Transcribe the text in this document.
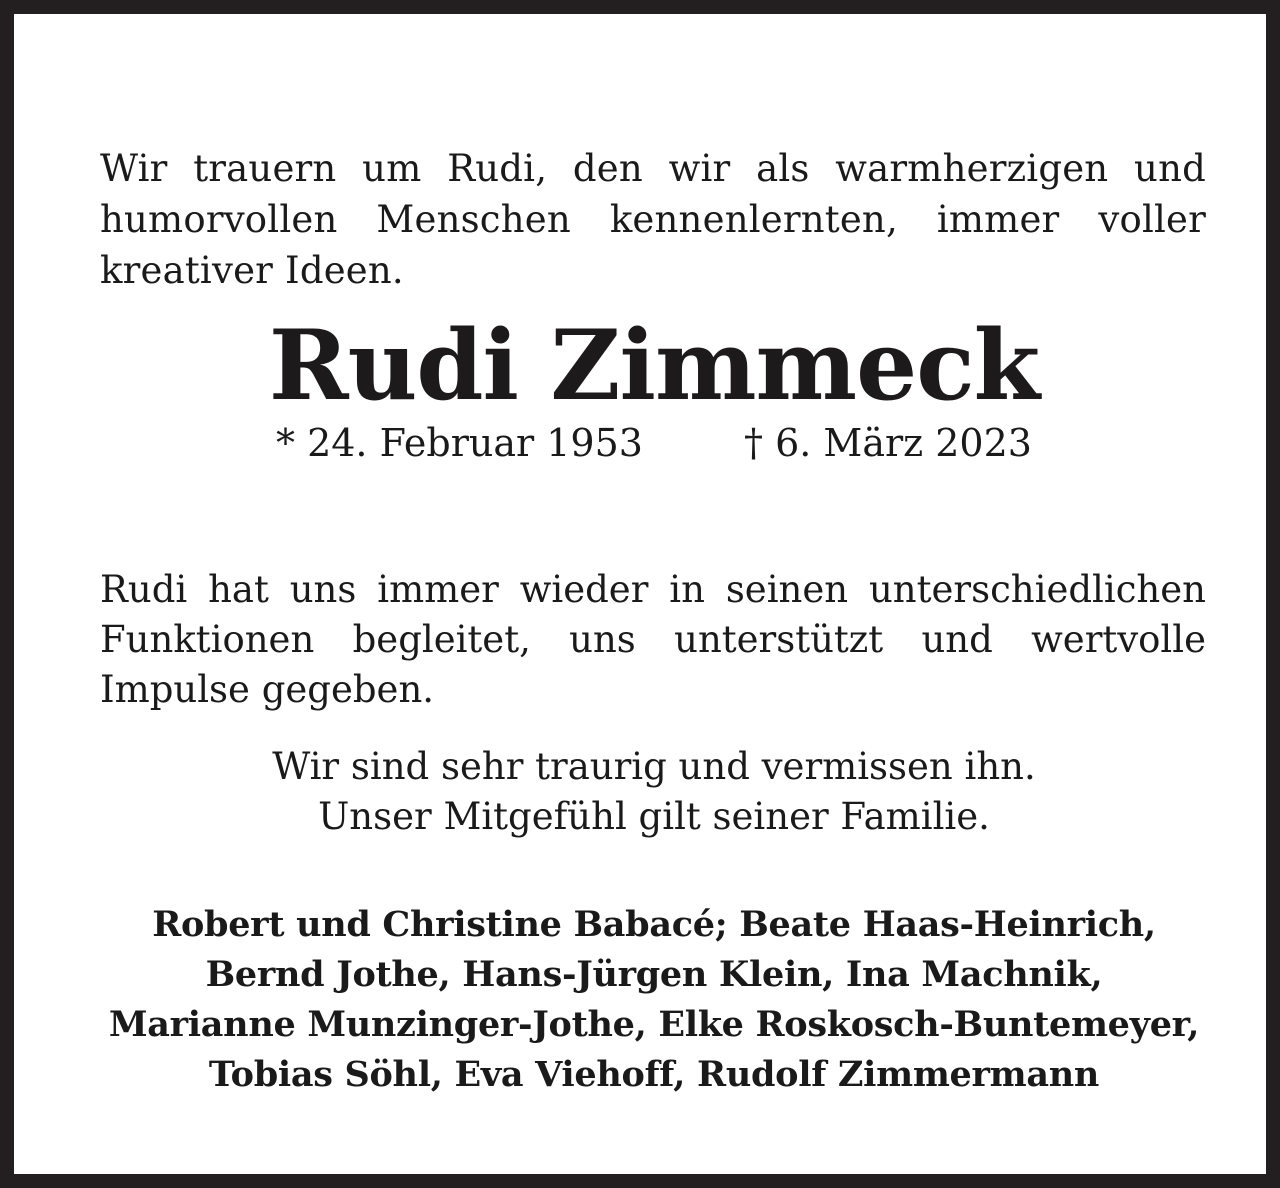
Wir trauern um Rudi, den wir als warmherzigen und humorvollen Menschen kennenlernten, immer voller kreativer Ideen.

Rudi Zimmeck
* 24. Februar 1953	† 6. März 2023

Rudi hat uns immer wieder in seinen unterschiedlichen Funktionen begleitet, uns unterstützt und wertvolle Impulse gegeben.

Wir sind sehr traurig und vermissen ihn.
Unser Mitgefühl gilt seiner Familie.
Robert und Christine Babacé; Beate Haas-Heinrich,
Bernd Jothe, Hans-Jürgen Klein, Ina Machnik,
Marianne Munzinger-Jothe, Elke Roskosch-Buntemeyer,
Tobias Söhl, Eva Viehoff, Rudolf Zimmermann
